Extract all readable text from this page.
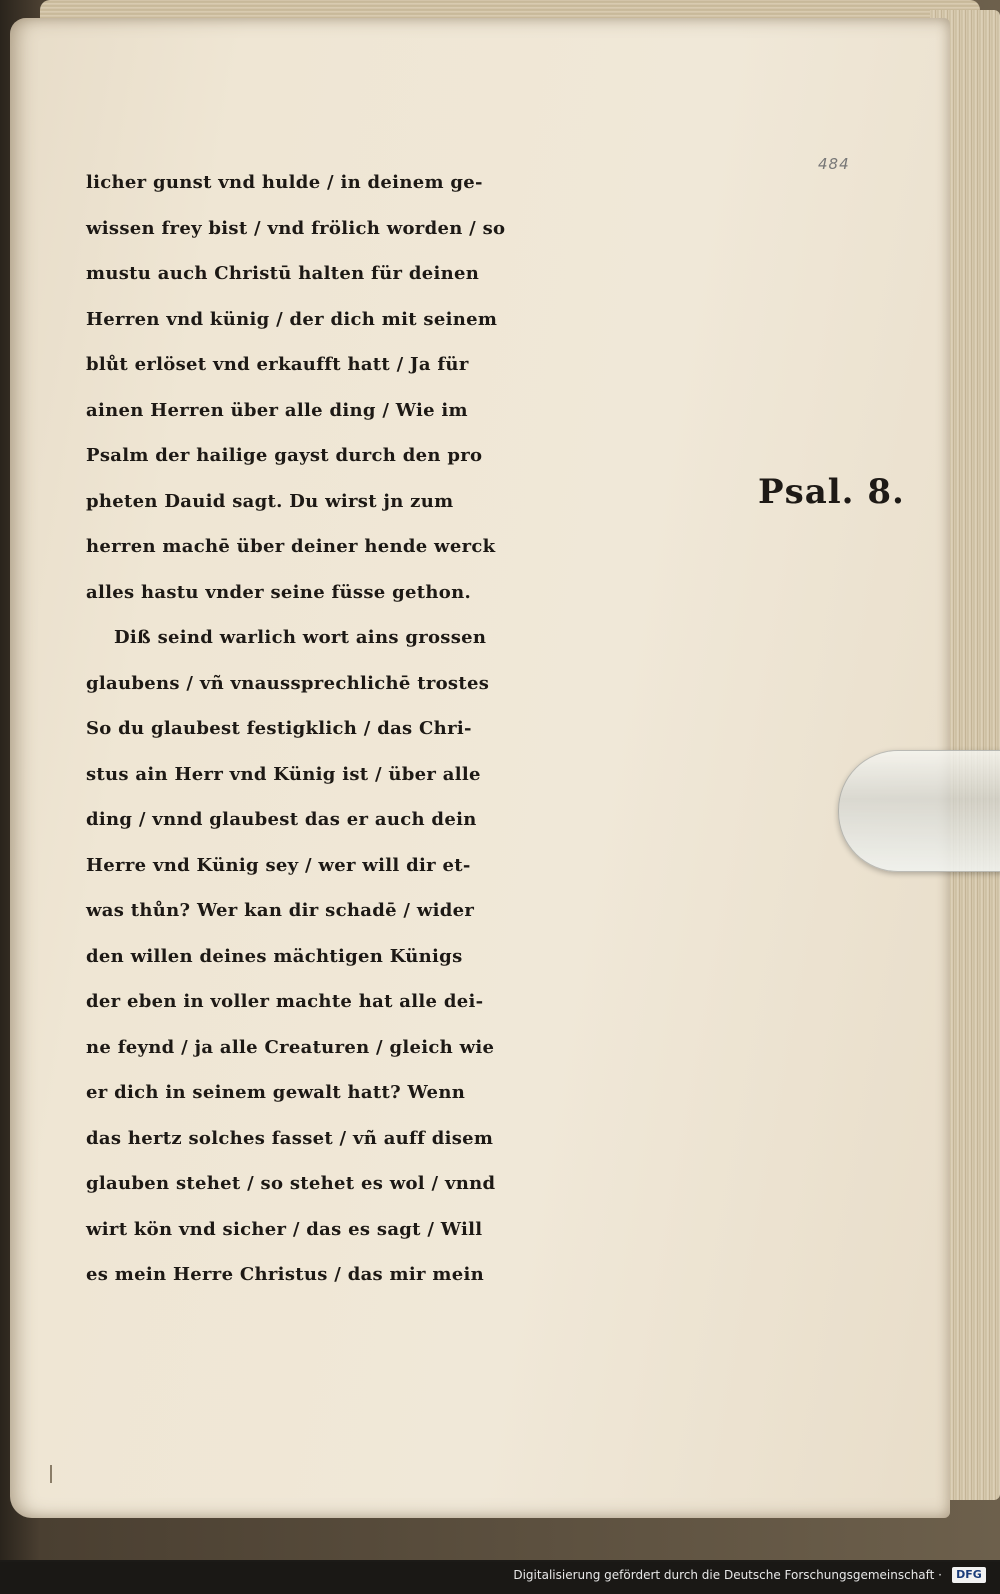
484
Psal. 8.
licher gunst vnd hulde / in deinem ge-
wissen frey bist / vnd frölich worden / so
mustu auch Christū halten für deinen
Herren vnd künig / der dich mit seinem
blůt erlöset vnd erkaufft hatt / Ja für
ainen Herren über alle ding / Wie im
Psalm der hailige gayst durch den pro
pheten Dauid sagt. Du wirst jn zum
herren machē über deiner hende werck
alles hastu vnder seine füsse gethon.
Diß seind warlich wort ains grossen
glaubens / vñ vnaussprechlichē trostes
So du glaubest festigklich / das Chri-
stus ain Herr vnd Künig ist / über alle
ding / vnnd glaubest das er auch dein
Herre vnd Künig sey / wer will dir et-
was thůn? Wer kan dir schadē / wider
den willen deines mächtigen Künigs
der eben in voller machte hat alle dei-
ne feynd / ja alle Creaturen / gleich wie
er dich in seinem gewalt hatt? Wenn
das hertz solches fasset / vñ auff disem
glauben stehet / so stehet es wol / vnnd
wirt kön vnd sicher / das es sagt / Will
es mein Herre Christus / das mir mein
Digitalisierung gefördert durch die Deutsche Forschungsgemeinschaft ·	DFG
